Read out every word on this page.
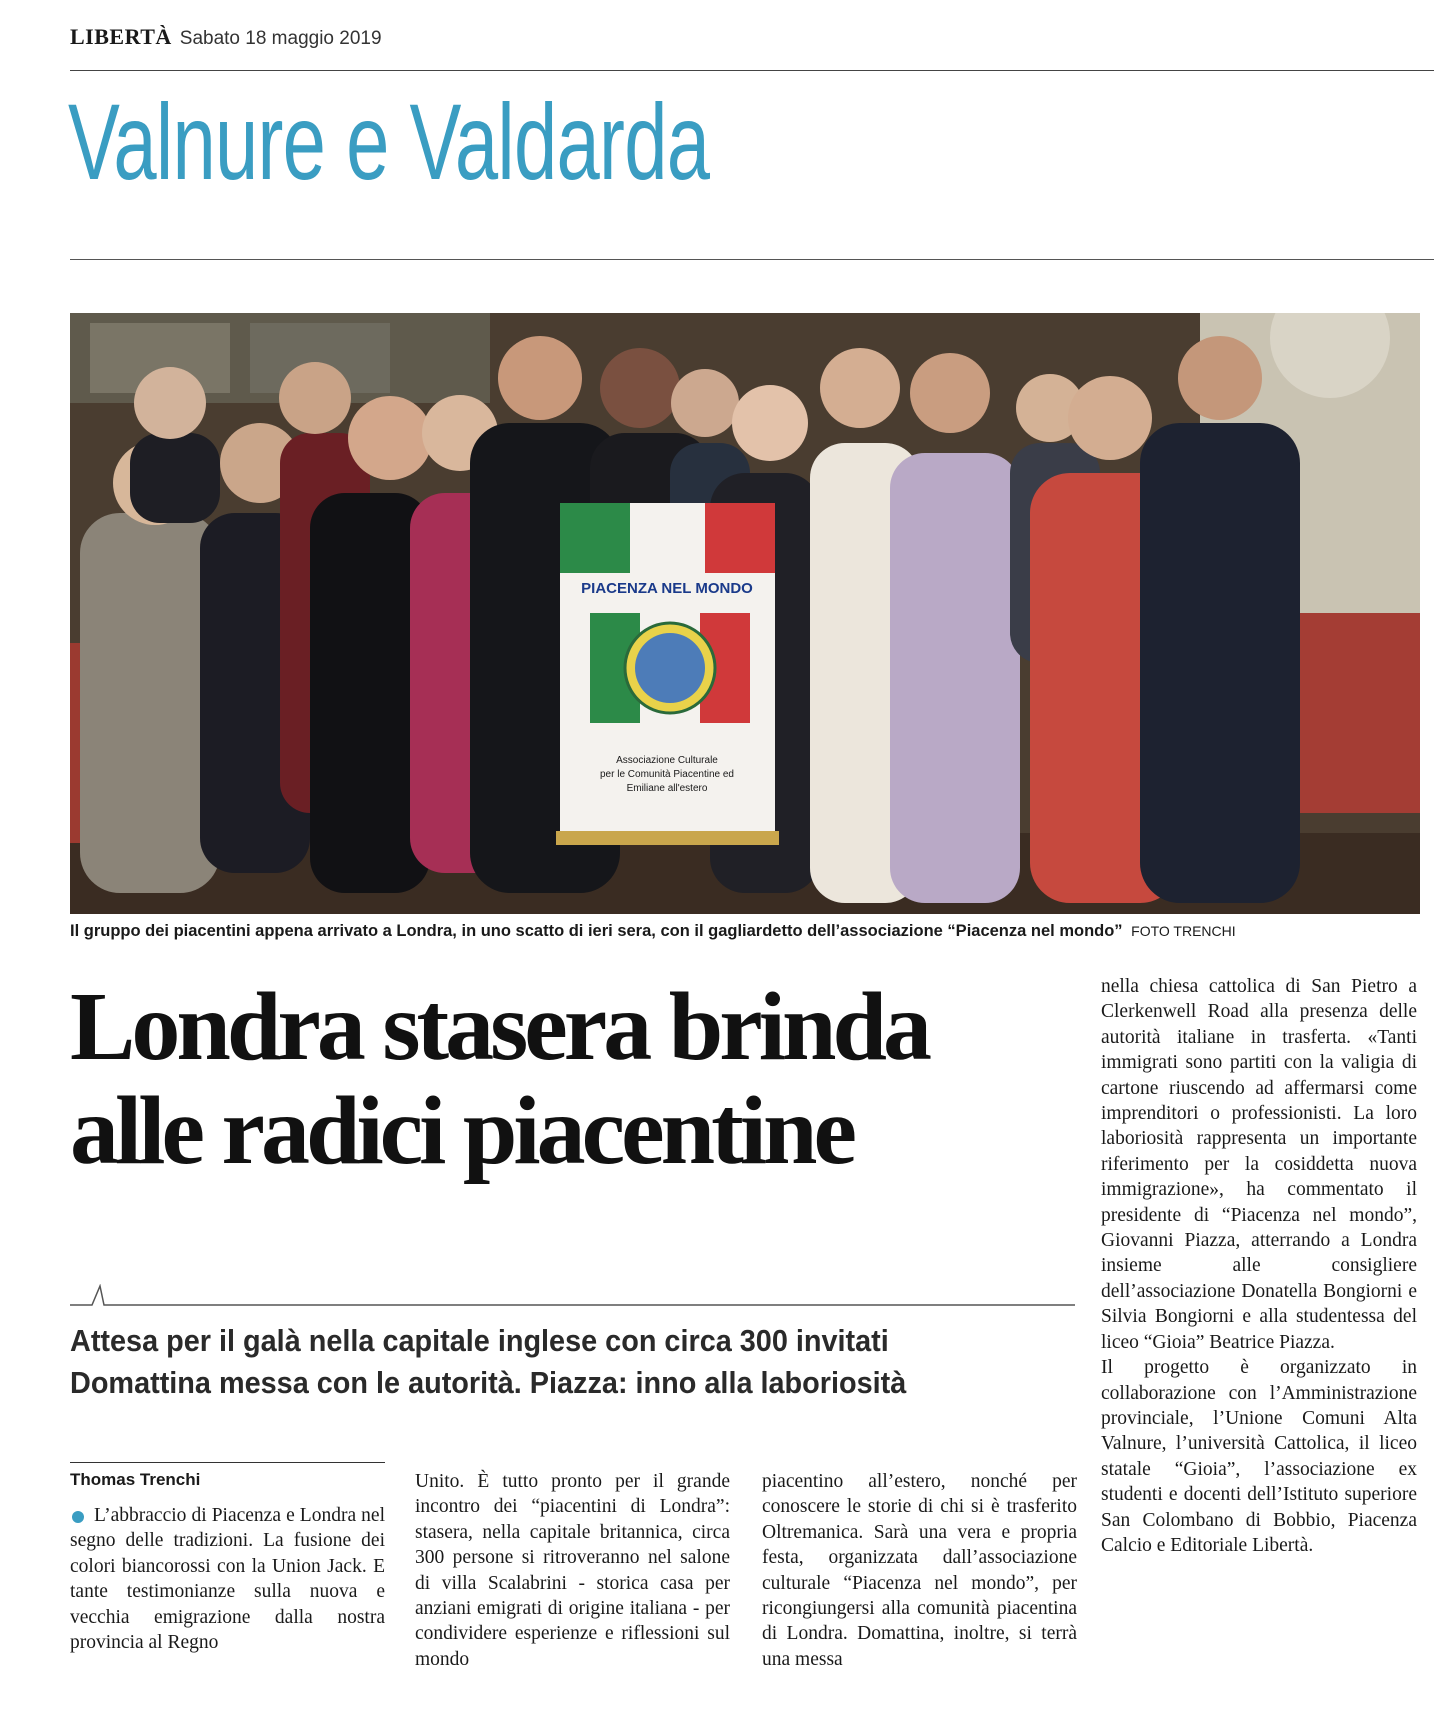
LIBERTÀ Sabato 18 maggio 2019
Valnure e Valdarda
PIACENZA NEL MONDO
Associazione Culturale
per le Comunità Piacentine ed
Emiliane all'estero
Il gruppo dei piacentini appena arrivato a Londra, in uno scatto di ieri sera, con il gagliardetto dell’associazione “Piacenza nel mondo” FOTO TRENCHI
Londra stasera brinda
alle radici piacentine
Attesa per il galà nella capitale inglese con circa 300 invitati
Domattina messa con le autorità. Piazza: inno alla laboriosità
Thomas Trenchi

L’abbraccio di Piacenza e Londra nel segno delle tradizioni. La fusione dei colori biancorossi con la Union Jack. E tante testimonianze sulla nuova e vecchia emigrazione dalla nostra provincia al Regno

Unito. È tutto pronto per il grande incontro dei “piacentini di Londra”: stasera, nella capitale britannica, circa 300 persone si ritroveranno nel salone di villa Scalabrini - storica casa per anziani emigrati di origine italiana - per condividere esperienze e riflessioni sul mondo

piacentino all’estero, nonché per conoscere le storie di chi si è trasferito Oltremanica. Sarà una vera e propria festa, organizzata dall’associazione culturale “Piacenza nel mondo”, per ricongiungersi alla comunità piacentina di Londra. Domattina, inoltre, si terrà una messa

nella chiesa cattolica di San Pietro a Clerkenwell Road alla presenza delle autorità italiane in trasferta. «Tanti immigrati sono partiti con la valigia di cartone riuscendo ad affermarsi come imprenditori o professionisti. La loro laboriosità rappresenta un importante riferimento per la cosiddetta nuova immigrazione», ha commentato il presidente di “Piacenza nel mondo”, Giovanni Piazza, atterrando a Londra insieme alle consigliere dell’associazione Donatella Bongiorni e Silvia Bongiorni e alla studentessa del liceo “Gioia” Beatrice Piazza.

Il progetto è organizzato in collaborazione con l’Amministrazione provinciale, l’Unione Comuni Alta Valnure, l’università Cattolica, il liceo statale “Gioia”, l’associazione ex studenti e docenti dell’Istituto superiore San Colombano di Bobbio, Piacenza Calcio e Editoriale Libertà.
